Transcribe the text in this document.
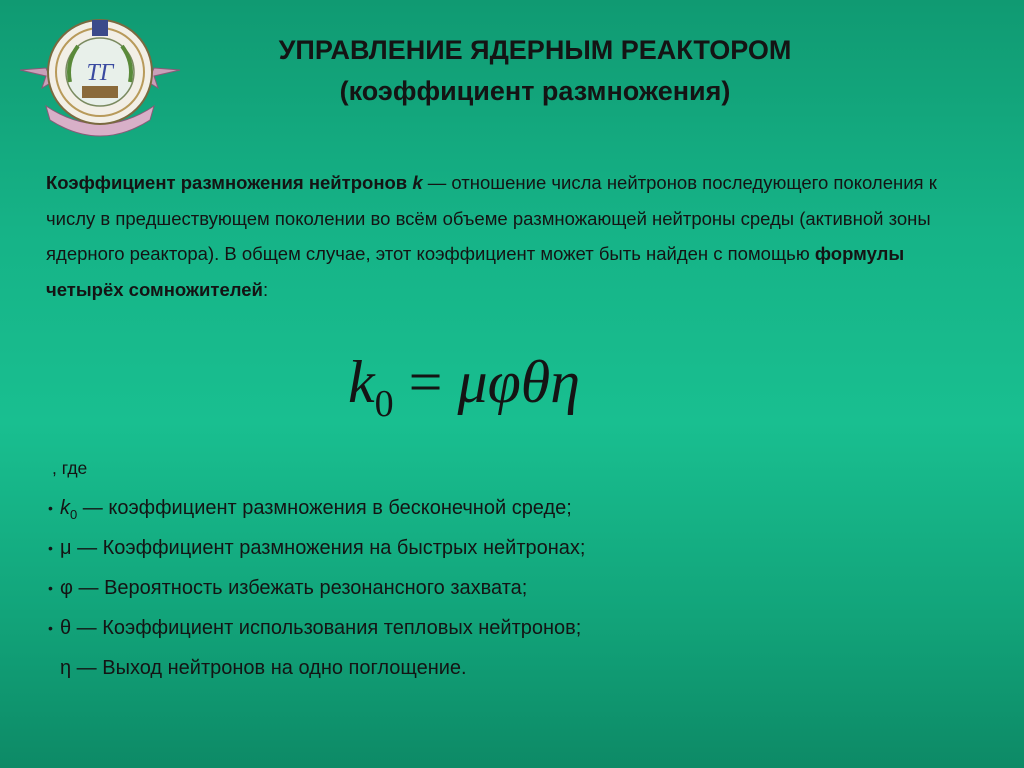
ТГ
УПРАВЛЕНИЕ ЯДЕРНЫМ РЕАКТОРОМ
(коэффициент размножения)
Коэффициент размножения нейтронов k — отношение числа нейтронов последующего поколения к числу в предшествующем поколении во всём объеме размножающей нейтроны среды (активной зоны ядерного реактора). В общем случае, этот коэффициент может быть найден с помощью формулы четырёх сомножителей:
$k_0 = \mu\varphi\theta\eta$
, где
• $k_0$ — коэффициент размножения в бесконечной среде;
• μ — Коэффициент размножения на быстрых нейтронах;
• φ — Вероятность избежать резонансного захвата;
• θ — Коэффициент использования тепловых нейтронов;
η — Выход нейтронов на одно поглощение.
